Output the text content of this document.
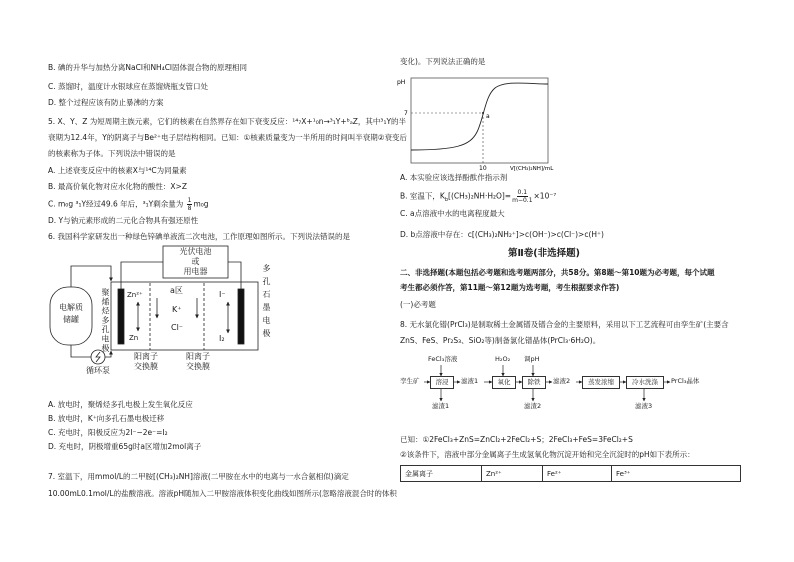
pH
7
10	V[(CH₃)₂NH]/mL
a
B. 碘的升华与加热分离NaCl和NH₄Cl固体混合物的原理相同
C. 蒸馏时，温度计水银球应在蒸馏烧瓶支管口处
D. 整个过程应该有防止暴沸的方案
5. X、Y、Z 为短周期主族元素，它们的核素在自然界存在如下衰变反应：¹⁴₇X+¹₀n→³₁Y+ᵇₐZ，其中³₁Y的半
衰期为12.4年，Y的阴离子与Be²⁺电子层结构相同。已知：①核素质量变为一半所用的时间叫半衰期②衰变后
的核素称为子体。下列说法中错误的是
A. 上述衰变反应中的核素X与¹⁴C为同量素
B. 最高价氧化物对应水化物的酸性：X>Z
C. m₀g ³₁Y经过49.6 年后，³₁Y剩余量为 $\frac{1}{8} m_0g$
D. Y与钠元素形成的二元化合物具有强还原性
6. 我国科学家研发出一种绿色锌碘单液流二次电池，工作原理如图所示。下列说法错误的是
光伏电池
或
用电器
电解质
储罐	聚烯烃多孔电极	多孔石墨电极
Zn²⁺
Zn
a区
K⁺
Cl⁻
I⁻
I₂
阳离子
交换膜
阳离子
交换膜
循环泵
A. 放电时，聚烯烃多孔电极上发生氧化反应
B. 放电时，K⁺向多孔石墨电极迁移
C. 充电时，阳极反应为2I⁻−2e⁻=I₂
D. 充电时，阴极增重65g时a区增加2mol离子
7. 室温下，用mmol/L的二甲胺[(CH₃)₂NH]溶液(二甲胺在水中的电离与一水合氨相似)滴定
10.00mL0.1mol/L的盐酸溶液。溶液pH随加入二甲胺溶液体积变化曲线如图所示(忽略溶液混合时的体积
变化)。下列说法正确的是
A. 本实验应该选择酚酞作指示剂
B. 室温下，$K_b[(CH_3)_2NH\cdot H_2O]= \frac{0.1}{m-0.1} \times 10^{-7}$
C. a点溶液中水的电离程度最大
D. b点溶液中存在：c[(CH₃)₂NH₂⁺]>c(OH⁻)>c(Cl⁻)>c(H⁺)
第Ⅱ卷(非选择题)
二、非选择题(本题包括必考题和选考题两部分，共58分。第8题～第10题为必考题，每个试题
考生都必须作答，第11题～第12题为选考题，考生根据要求作答)
(一)必考题
8. 无水氯化镨(PrCl₃)是制取稀土金属镨及镨合金的主要原料，采用以下工艺流程可由孪生矿(主要含
ZnS、FeS、Pr₂S₃、SiO₂等)制备氯化镨晶体(PrCl₃·6H₂O)。
孪生矿
FeCl₃溶液	H₂O₂ 调pH
溶浸	滤液1	氧化	除铁	滤液2	蒸发浓缩	冷水洗涤	PrCl₃晶体
滤渣1	滤渣2	滤液3
已知：①2FeCl₃+ZnS=ZnCl₂+2FeCl₂+S；2FeCl₃+FeS=3FeCl₂+S
②该条件下，溶液中部分金属离子生成氢氧化物沉淀开始和完全沉淀时的pH如下表所示：
金属离子	Zn²⁺	Fe²⁺	Fe³⁺
